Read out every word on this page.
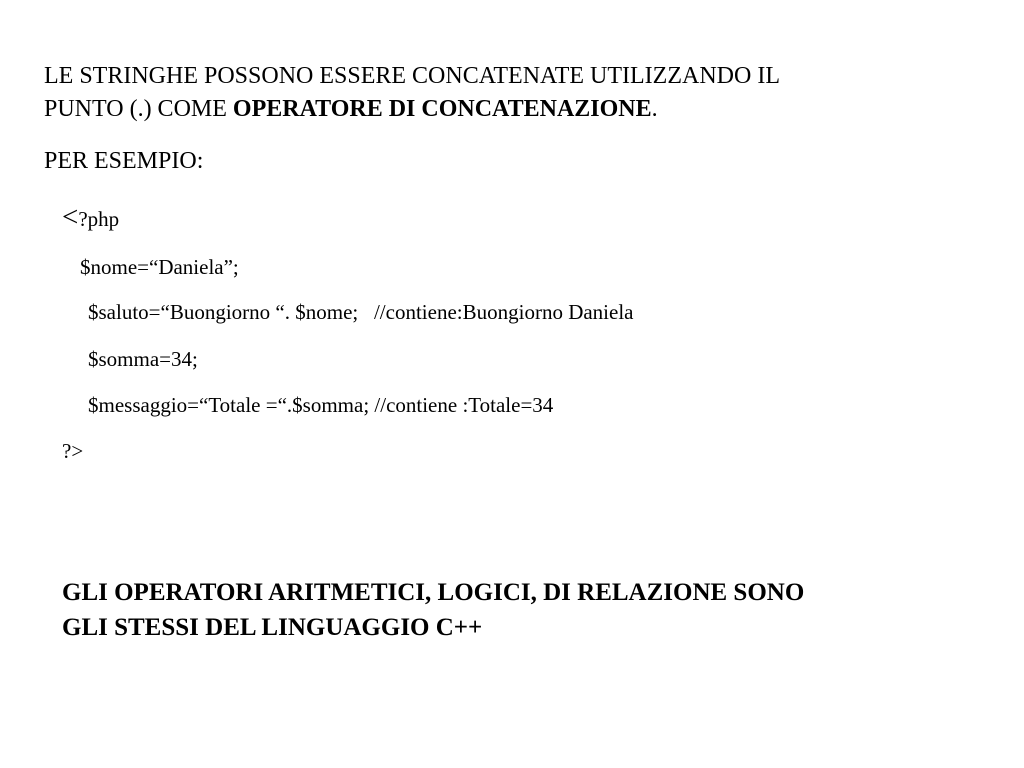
LE STRINGHE POSSONO ESSERE CONCATENATE UTILIZZANDO IL
PUNTO (.) COME OPERATORE DI CONCATENAZIONE.

PER ESEMPIO:

<?php

$nome=“Daniela”;

$saluto=“Buongiorno “. $nome;   //contiene:Buongiorno Daniela

$somma=34;

$messaggio=“Totale =“.$somma; //contiene :Totale=34

?>

GLI OPERATORI ARITMETICI, LOGICI, DI RELAZIONE SONO
GLI STESSI DEL LINGUAGGIO C++
